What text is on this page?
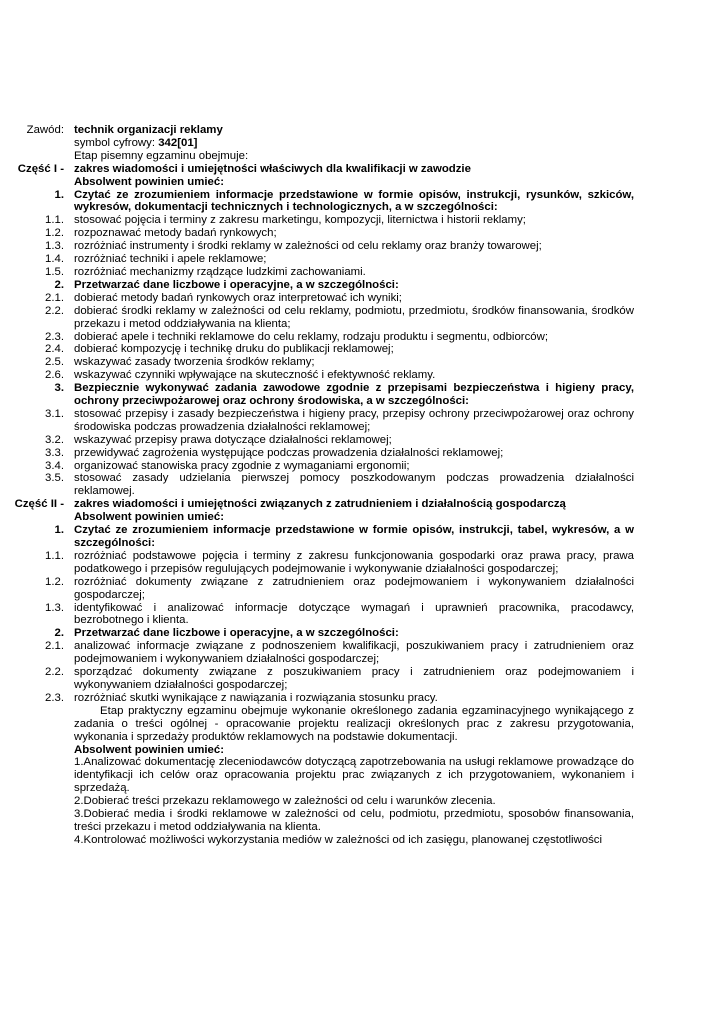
Zawód: technik organizacji reklamy
symbol cyfrowy: 342[01]
Etap pisemny egzaminu obejmuje:
Część I - zakres wiadomości i umiejętności właściwych dla kwalifikacji w zawodzie
Absolwent powinien umieć:
1. Czytać ze zrozumieniem informacje przedstawione w formie opisów, instrukcji, rysunków, szkiców, wykresów, dokumentacji technicznych i technologicznych, a w szczególności:
1.1. stosować pojęcia i terminy z zakresu marketingu, kompozycji, liternictwa i historii reklamy;
1.2. rozpoznawać metody badań rynkowych;
1.3. rozróżniać instrumenty i środki reklamy w zależności od celu reklamy oraz branży towarowej;
1.4. rozróżniać techniki i apele reklamowe;
1.5. rozróżniać mechanizmy rządzące ludzkimi zachowaniami.
2. Przetwarzać dane liczbowe i operacyjne, a w szczególności:
2.1. dobierać metody badań rynkowych oraz interpretować ich wyniki;
2.2. dobierać środki reklamy w zależności od celu reklamy, podmiotu, przedmiotu, środków finansowania, środków przekazu i metod oddziaływania na klienta;
2.3. dobierać apele i techniki reklamowe do celu reklamy, rodzaju produktu i segmentu, odbiorców;
2.4. dobierać kompozycję i technikę druku do publikacji reklamowej;
2.5. wskazywać zasady tworzenia środków reklamy;
2.6. wskazywać czynniki wpływające na skuteczność i efektywność reklamy.
3. Bezpiecznie wykonywać zadania zawodowe zgodnie z przepisami bezpieczeństwa i higieny pracy, ochrony przeciwpożarowej oraz ochrony środowiska, a w szczególności:
3.1. stosować przepisy i zasady bezpieczeństwa i higieny pracy, przepisy ochrony przeciwpożarowej oraz ochrony środowiska podczas prowadzenia działalności reklamowej;
3.2. wskazywać przepisy prawa dotyczące działalności reklamowej;
3.3. przewidywać zagrożenia występujące podczas prowadzenia działalności reklamowej;
3.4. organizować stanowiska pracy zgodnie z wymaganiami ergonomii;
3.5. stosować zasady udzielania pierwszej pomocy poszkodowanym podczas prowadzenia działalności reklamowej.
Część II - zakres wiadomości i umiejętności związanych z zatrudnieniem i działalnością gospodarczą
Absolwent powinien umieć:
1. Czytać ze zrozumieniem informacje przedstawione w formie opisów, instrukcji, tabel, wykresów, a w szczególności:
1.1. rozróżniać podstawowe pojęcia i terminy z zakresu funkcjonowania gospodarki oraz prawa pracy, prawa podatkowego i przepisów regulujących podejmowanie i wykonywanie działalności gospodarczej;
1.2. rozróżniać dokumenty związane z zatrudnieniem oraz podejmowaniem i wykonywaniem działalności gospodarczej;
1.3. identyfikować i analizować informacje dotyczące wymagań i uprawnień pracownika, pracodawcy, bezrobotnego i klienta.
2. Przetwarzać dane liczbowe i operacyjne, a w szczególności:
2.1. analizować informacje związane z podnoszeniem kwalifikacji, poszukiwaniem pracy i zatrudnieniem oraz podejmowaniem i wykonywaniem działalności gospodarczej;
2.2. sporządzać dokumenty związane z poszukiwaniem pracy i zatrudnieniem oraz podejmowaniem i wykonywaniem działalności gospodarczej;
2.3. rozróżniać skutki wynikające z nawiązania i rozwiązania stosunku pracy.
Etap praktyczny egzaminu obejmuje wykonanie określonego zadania egzaminacyjnego wynikającego z zadania o treści ogólnej - opracowanie projektu realizacji określonych prac z zakresu przygotowania, wykonania i sprzedaży produktów reklamowych na podstawie dokumentacji.
Absolwent powinien umieć:
1.Analizować dokumentację zleceniodawców dotyczącą zapotrzebowania na usługi reklamowe prowadzące do identyfikacji ich celów oraz opracowania projektu prac związanych z ich przygotowaniem, wykonaniem i sprzedażą.
2.Dobierać treści przekazu reklamowego w zależności od celu i warunków zlecenia.
3.Dobierać media i środki reklamowe w zależności od celu, podmiotu, przedmiotu, sposobów finansowania, treści przekazu i metod oddziaływania na klienta.
4.Kontrolować możliwości wykorzystania mediów w zależności od ich zasięgu, planowanej częstotliwości
